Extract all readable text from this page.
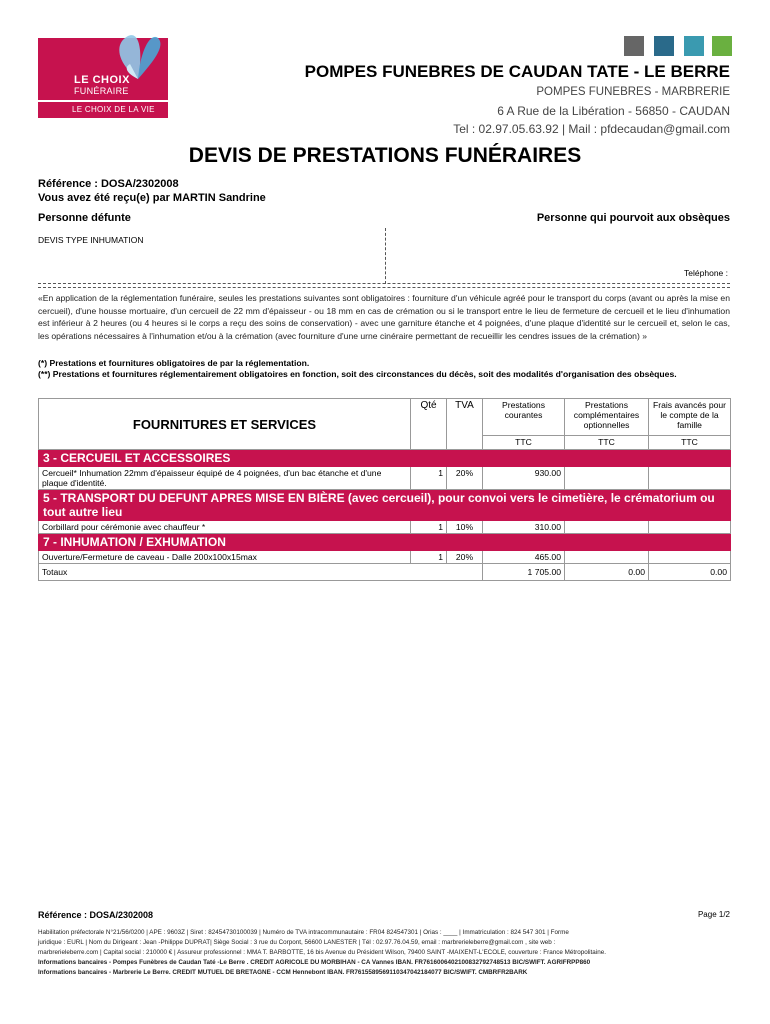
LE CHOIX
FUNÉRAIRE
LE CHOIX DE LA VIE
POMPES FUNEBRES DE CAUDAN TATE - LE BERRE
POMPES FUNEBRES - MARBRERIE
6 A Rue de la Libération - 56850 - CAUDAN
Tel : 02.97.05.63.92 | Mail : pfdecaudan@gmail.com
DEVIS DE PRESTATIONS FUNÉRAIRES
Référence : DOSA/2302008
Vous avez été reçu(e) par MARTIN Sandrine
Personne défunte	Personne qui pourvoit aux obsèques
DEVIS TYPE INHUMATION
Teléphone :
«En application de la réglementation funéraire, seules les prestations suivantes sont obligatoires : fourniture d'un véhicule agréé pour le transport du corps (avant ou après la mise en cercueil), d'une housse mortuaire, d'un cercueil de 22 mm d'épaisseur - ou 18 mm en cas de crémation ou si le transport entre le lieu de fermeture de cercueil et le lieu d'inhumation est inférieur à 2 heures (ou 4 heures si le corps a reçu des soins de conservation) - avec une garniture étanche et 4 poignées, d'une plaque d'identité sur le cercueil et, selon le cas, les opérations nécessaires à l'inhumation et/ou à la crémation (avec fourniture d'une urne cinéraire permettant de recueillir les cendres issues de la crémation) »
(*) Prestations et fournitures obligatoires de par la réglementation.
(**) Prestations et fournitures réglementairement obligatoires en fonction, soit des circonstances du décès, soit des modalités d'organisation des obsèques.
FOURNITURES ET SERVICES	Qté	TVA	Prestations courantes	Prestations complémentaires optionnelles	Frais avancés pour le compte de la famille
			TTC	TTC	TTC
3 - CERCUEIL ET ACCESSOIRES					
Cercueil* Inhumation 22mm d'épaisseur équipé de 4 poignées, d'un bac étanche et d'une plaque d'identité.	1	20%	930.00		
5 - TRANSPORT DU DEFUNT APRES MISE EN BIÈRE (avec cercueil), pour convoi vers le cimetière, le crématorium ou tout autre lieu					
Corbillard pour cérémonie avec chauffeur *	1	10%	310.00		
7 - INHUMATION / EXHUMATION					
Ouverture/Fermeture de caveau - Dalle 200x100x15max	1	20%	465.00		
Totaux			1 705.00	0.00	0.00
Référence : DOSA/2302008	Page 1/2
Habilitation préfectorale N°21/56/0200 | APE : 9603Z | Siret : 82454730100039 | Numéro de TVA intracommunautaire : FR04 824547301 | Orias : ____ | Immatriculation : 824 547 301 | Forme
juridique : EURL | Nom du Dirigeant : Jean -Philippe DUPRAT| Siège Social : 3 rue du Corpont, 56600 LANESTER | Tél : 02.97.76.04.59, email : marbrerieleberre@gmail.com , site web :
marbrerieleberre.com | Capital social : 210000 € | Assureur professionnel : MMA T. BARBOTTE, 16 bis Avenue du Président Wilson, 79400 SAINT -MAIXENT-L'ECOLE, couverture : France Métropolitaine.
Informations bancaires - Pompes Funèbres de Caudan Taté -Le Berre . CREDIT AGRICOLE DU MORBIHAN - CA Vannes IBAN. FR7616006402100832792748513 BIC/SWIFT. AGRIFRPP860
Informations bancaires - Marbrerie Le Berre. CREDIT MUTUEL DE BRETAGNE - CCM Hennebont IBAN. FR7615589569110347042184077 BIC/SWIFT. CMBRFR2BARK
